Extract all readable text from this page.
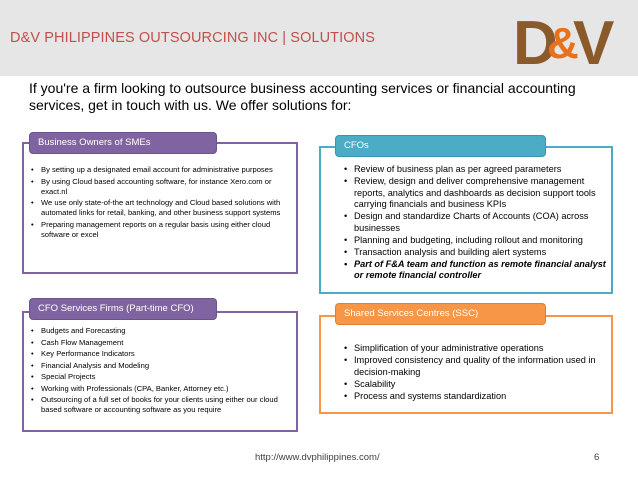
D&V PHILIPPINES OUTSOURCING INC | SOLUTIONS D
&
V
If you're a firm looking to outsource business accounting services or financial accounting services, get in touch with us. We offer solutions for:
Business Owners of SMEs
• By setting up a designated email account for administrative purposes
• By using Cloud based accounting software, for instance Xero.com or exact.nl
• We use only state-of-the art technology and Cloud based solutions with automated links for retail, banking, and other business support systems
• Preparing management reports on a regular basis using either cloud software or excel
CFOs
• Review of business plan as per agreed parameters
• Review, design and deliver comprehensive management reports, analytics and dashboards as decision support tools carrying financials and business KPIs
• Design and standardize Charts of Accounts (COA) across businesses
• Planning and budgeting, including rollout and monitoring
• Transaction analysis and building alert systems
• Part of F&A team and function as remote financial analyst or remote financial controller
CFO Services Firms (Part-time CFO)
• Budgets and Forecasting
• Cash Flow Management
• Key Performance Indicators
• Financial Analysis and Modeling
• Special Projects
• Working with Professionals (CPA, Banker, Attorney etc.)
• Outsourcing of a full set of books for your clients using either our cloud based software or accounting software as you require
Shared Services Centres (SSC)
• Simplification of your administrative operations
• Improved consistency and quality of the information used in decision-making
• Scalability
• Process and systems standardization
http://www.dvphilippines.com/	6
